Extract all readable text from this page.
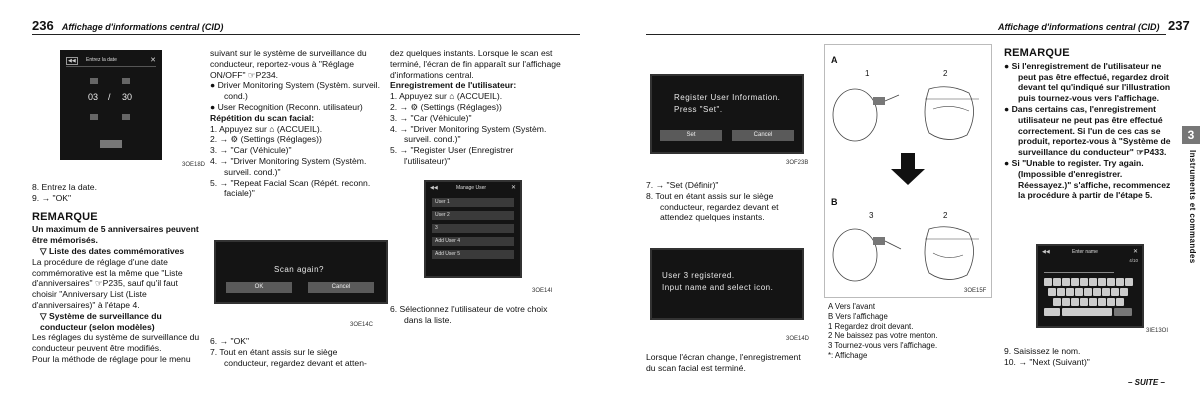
236 Affichage d'informations central (CID)	Affichage d'informations central (CID) 237
◀◀	Entrez la date	✕
03 / 30
3OE18D

8. Entrez la date.

9. → "OK"

REMARQUE

Un maximum de 5 anniversaires peuvent être mémorisés.

▽ Liste des dates commémoratives

La procédure de réglage d'une date commémorative est la même que "Liste d'anniversaires" ☞P235, sauf qu'il faut choisir "Anniversary List (Liste d'anniversaires)" à l'étape 4.

▽ Système de surveillance du conducteur (selon modèles)

Les réglages du système de surveillance du conducteur peuvent être modifiés.

Pour la méthode de réglage pour le menu

suivant sur le système de surveillance du conducteur, reportez-vous à "Réglage ON/OFF" ☞P234.

● Driver Monitoring System (Systèm. surveil. cond.)

● User Recognition (Reconn. utilisateur)

Répétition du scan facial:

1. Appuyez sur ⌂ (ACCUEIL).

2. → ⚙ (Settings (Réglages))

3. → "Car (Véhicule)"

4. → "Driver Monitoring System (Systèm. surveil. cond.)"

5. → "Repeat Facial Scan (Répét. reconn. faciale)"

Scan again?
OK	Cancel
3OE14C

6. → "OK"

7. Tout en étant assis sur le siège conducteur, regardez devant et atten-

dez quelques instants. Lorsque le scan est terminé, l'écran de fin apparaît sur l'affichage d'informations central.

Enregistrement de l'utilisateur:

1. Appuyez sur ⌂ (ACCUEIL).

2. → ⚙ (Settings (Réglages))

3. → "Car (Véhicule)"

4. → "Driver Monitoring System (Systèm. surveil. cond.)"

5. → "Register User (Enregistrer l'utilisateur)"

◀◀	Manage User	✕
User 1
User 2
3
Add User 4
Add User 5
3OE14I

6. Sélectionnez l'utilisateur de votre choix dans la liste.

Register User Information.
Press "Set".
Set	Cancel
3OF23B

7. → "Set (Définir)"

8. Tout en étant assis sur le siège conducteur, regardez devant et attendez quelques instants.

User 3 registered.
Input name and select icon.
3OE14D

Lorsque l'écran change, l'enregistrement du scan facial est terminé.

A
1	2
B
3	2
3OE15F

A Vers l'avant

B Vers l'affichage

1 Regardez droit devant.

2 Ne baissez pas votre menton.

3 Tournez-vous vers l'affichage.

*: Affichage

REMARQUE

● Si l'enregistrement de l'utilisateur ne peut pas être effectué, regardez droit devant tel qu'indiqué sur l'illustration puis tournez-vous vers l'affichage.

● Dans certains cas, l'enregistrement utilisateur ne peut pas être effectué correctement. Si l'un de ces cas se produit, reportez-vous à "Système de surveillance du conducteur" ☞P433.

● Si "Unable to register. Try again. (Impossible d'enregistrer. Réessayez.)" s'affiche, recommencez la procédure à partir de l'étape 5.

◀◀	Enter name	✕
4/10
3IE13OI

9. Saisissez le nom.

10. → "Next (Suivant)"

– SUITE –
3
Instruments et commandes
